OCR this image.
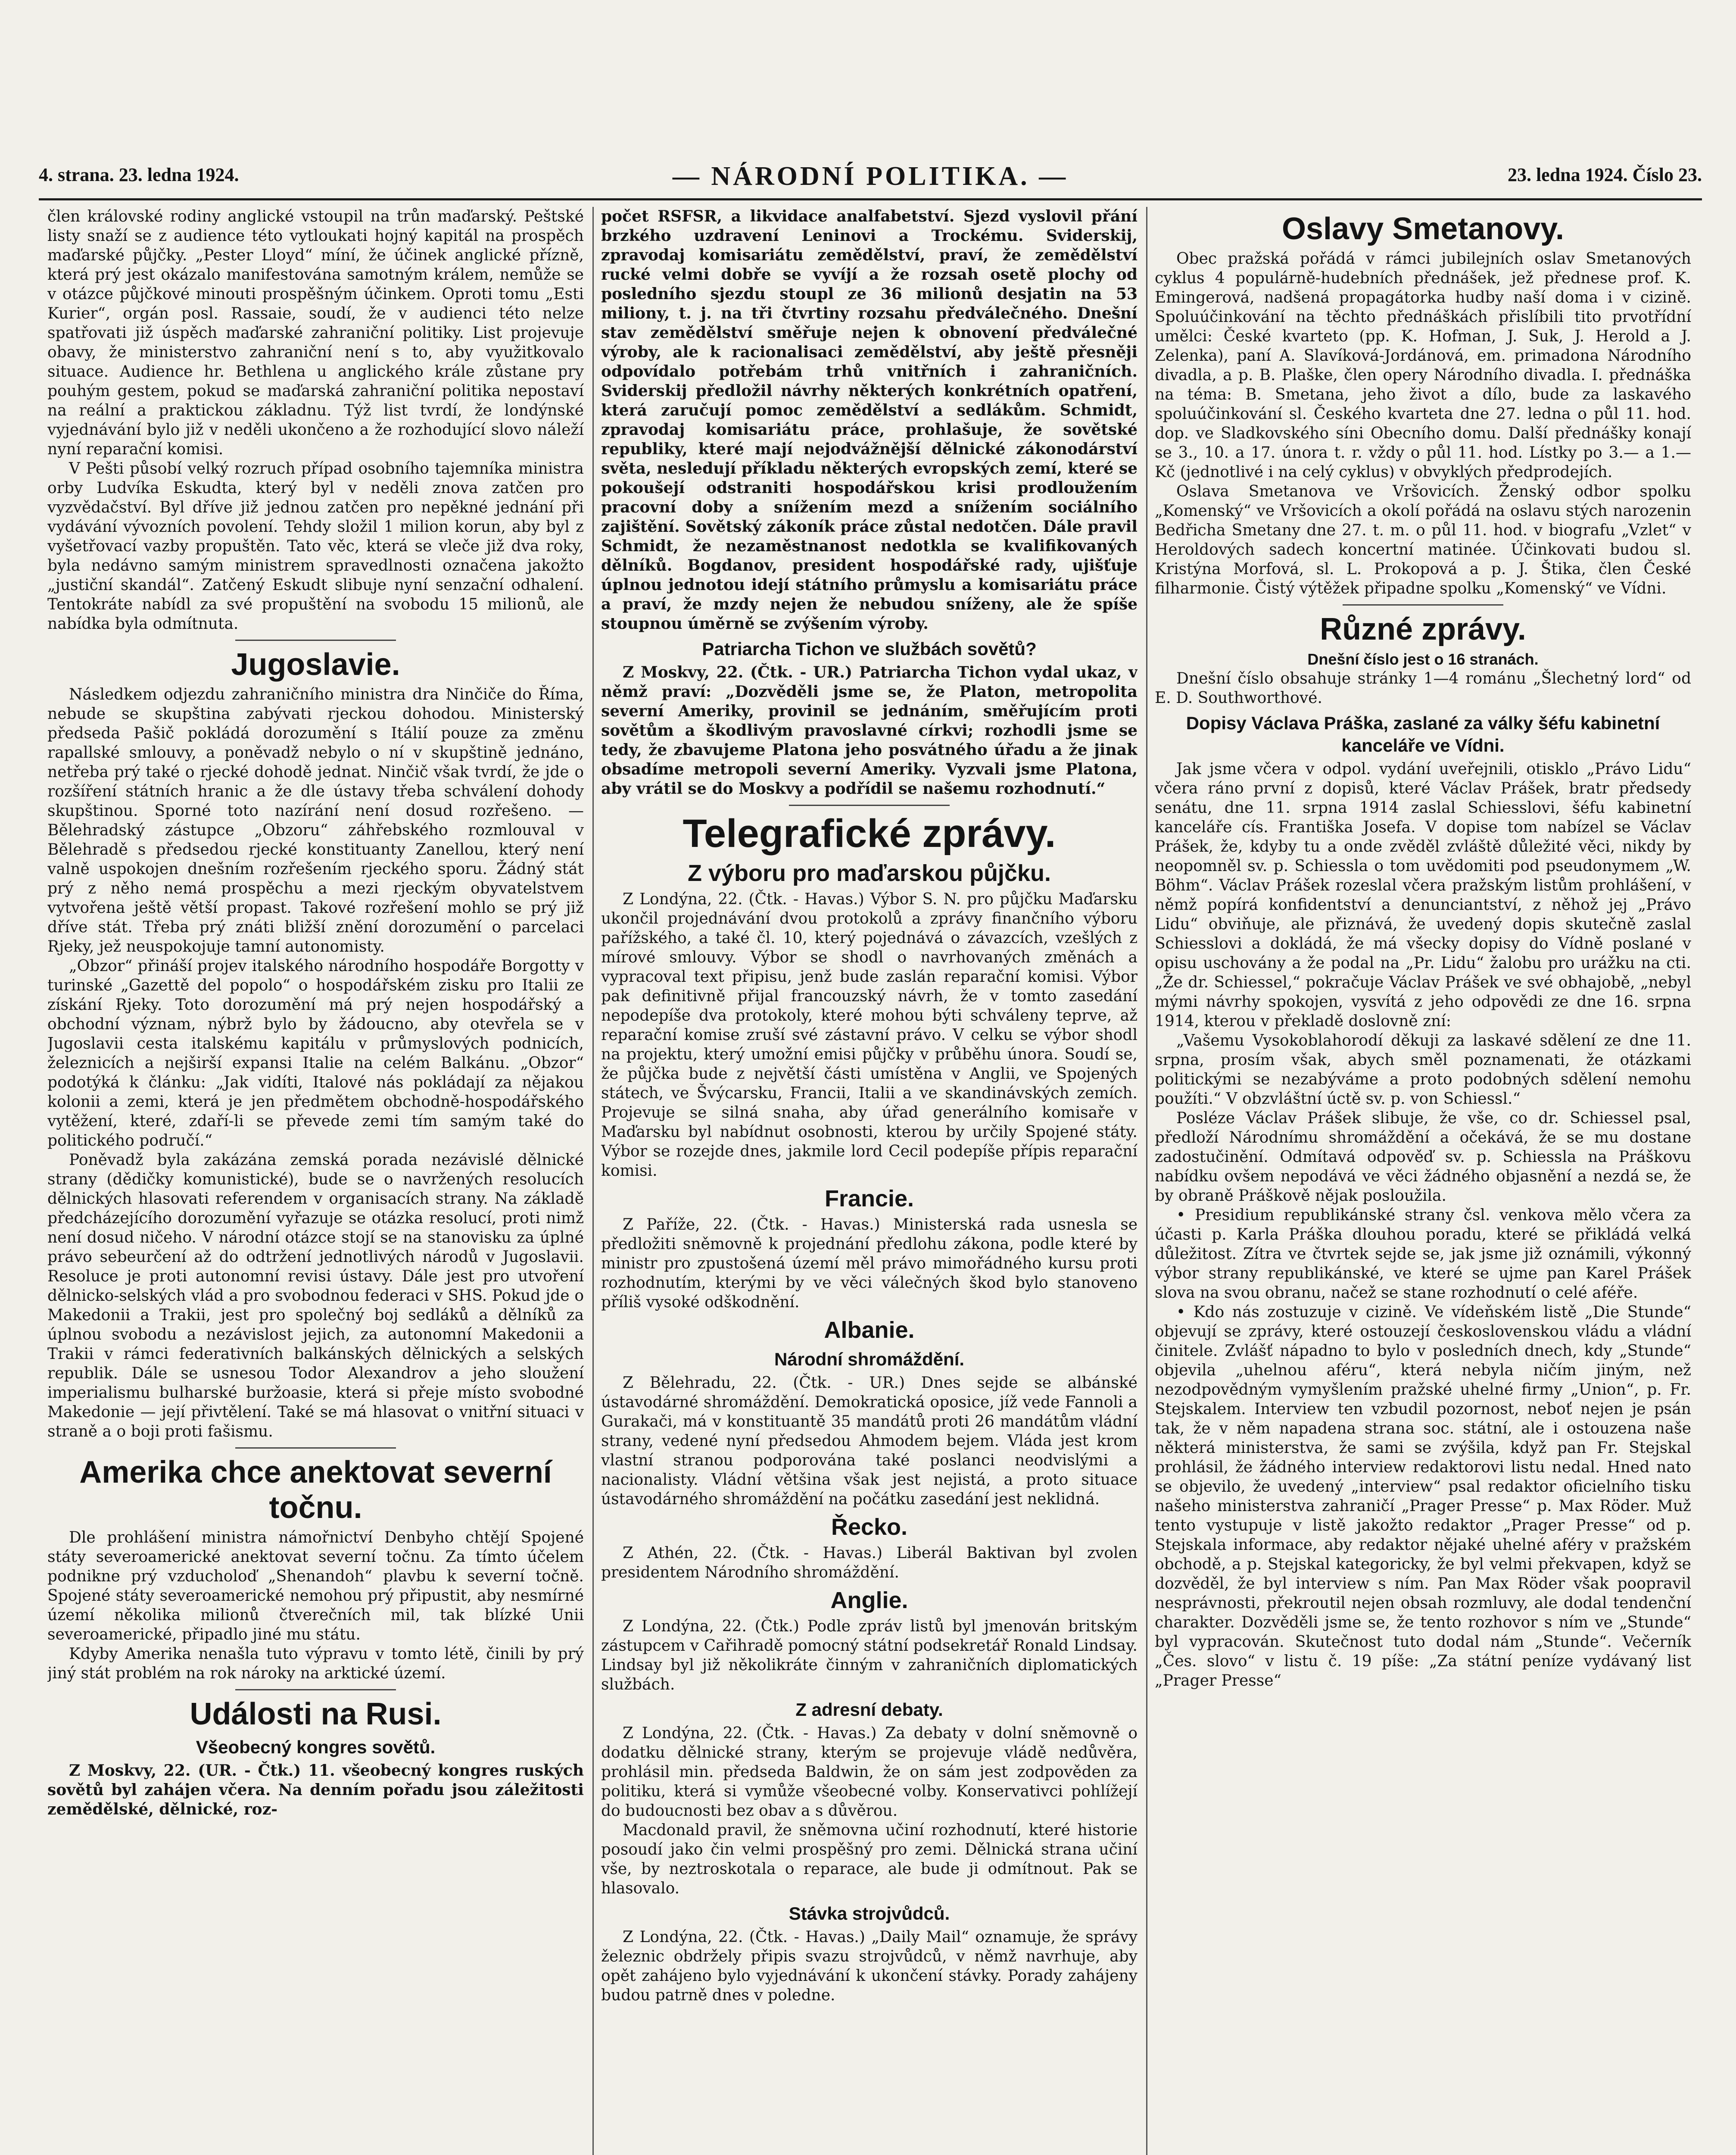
4. strana. 23. ledna 1924.	— NÁRODNÍ POLITIKA. —	23. ledna 1924. Číslo 23.

člen královské rodiny anglické vstoupil na trůn maďarský. Peštské listy snaží se z audience této vytloukati hojný kapitál na prospěch maďarské půjčky. „Pester Lloyd“ míní, že účinek anglické přízně, která prý jest okázalo manifestována samotným králem, nemůže se v otázce půjčkové minouti prospěšným účinkem. Oproti tomu „Esti Kurier“, orgán posl. Rassaie, soudí, že v audienci této nelze spatřovati již úspěch maďarské zahraniční politiky. List projevuje obavy, že ministerstvo zahraniční není s to, aby využitkovalo situace. Audience hr. Bethlena u anglického krále zůstane pry pouhým gestem, pokud se maďarská zahraniční politika nepostaví na reální a praktickou základnu. Týž list tvrdí, že londýnské vyjednávání bylo již v neděli ukončeno a že rozhodující slovo náleží nyní reparační komisi.

V Pešti působí velký rozruch případ osobního tajemníka ministra orby Ludvíka Eskudta, který byl v neděli znova zatčen pro vyzvědačství. Byl dříve již jednou zatčen pro nepěkné jednání při vydávání vývozních povolení. Tehdy složil 1 milion korun, aby byl z vyšetřovací vazby propuštěn. Tato věc, která se vleče již dva roky, byla nedávno samým ministrem spravedlnosti označena jakožto „justiční skandál“. Zatčený Eskudt slibuje nyní senzační odhalení. Tentokráte nabídl za své propuštění na svobodu 15 milionů, ale nabídka byla odmítnuta.

Jugoslavie.

Následkem odjezdu zahraničního ministra dra Ninčiče do Říma, nebude se skupština zabývati rjeckou dohodou. Ministerský předseda Pašič pokládá dorozumění s Itálií pouze za změnu rapallské smlouvy, a poněvadž nebylo o ní v skupštině jednáno, netřeba prý také o rjecké dohodě jednat. Ninčič však tvrdí, že jde o rozšíření státních hranic a že dle ústavy třeba schválení dohody skupštinou. Sporné toto nazírání není dosud rozřešeno. — Bělehradský zástupce „Obzoru“ záhřebského rozmlouval v Bělehradě s předsedou rjecké konstituanty Zanellou, který není valně uspokojen dnešním rozřešením rjeckého sporu. Žádný stát prý z něho nemá prospěchu a mezi rjeckým obyvatelstvem vytvořena ještě větší propast. Takové rozřešení mohlo se prý již dříve stát. Třeba prý znáti bližší znění dorozumění o parcelaci Rjeky, jež neuspokojuje tamní autonomisty.

„Obzor“ přináší projev italského národního hospodáře Borgotty v turinské „Gazettě del popolo“ o hospodářském zisku pro Italii ze získání Rjeky. Toto dorozumění má prý nejen hospodářský a obchodní význam, nýbrž bylo by žádoucno, aby otevřela se v Jugoslavii cesta italskému kapitálu v průmyslových podnicích, železnicích a nejširší expansi Italie na celém Balkánu. „Obzor“ podotýká k článku: „Jak vidíti, Italové nás pokládají za nějakou kolonii a zemi, která je jen předmětem obchodně-hospodářského vytěžení, které, zdaří-li se převede zemi tím samým také do politického područí.“

Poněvadž byla zakázána zemská porada nezávislé dělnické strany (dědičky komunistické), bude se o navržených resolucích dělnických hlasovati referendem v organisacích strany. Na základě předcházejícího dorozumění vyřazuje se otázka resolucí, proti nimž není dosud ničeho. V národní otázce stojí se na stanovisku za úplné právo sebeurčení až do odtržení jednotlivých národů v Jugoslavii. Resoluce je proti autonomní revisi ústavy. Dále jest pro utvoření dělnicko-selských vlád a pro svobodnou federaci v SHS. Pokud jde o Makedonii a Trakii, jest pro společný boj sedláků a dělníků za úplnou svobodu a nezávislost jejich, za autonomní Makedonii a Trakii v rámci federativních balkánských dělnických a selských republik. Dále se usnesou Todor Alexandrov a jeho sloužení imperialismu bulharské buržoasie, která si přeje místo svobodné Makedonie — její přivtělení. Také se má hlasovat o vnitřní situaci v straně a o boji proti fašismu.

Amerika chce anektovat severní točnu.

Dle prohlášení ministra námořnictví Denbyho chtějí Spojené státy severoamerické anektovat severní točnu. Za tímto účelem podnikne prý vzducholoď „Shenandoh“ plavbu k severní točně. Spojené státy severoamerické nemohou prý připustit, aby nesmírné území několika milionů čtverečních mil, tak blízké Unii severoamerické, připadlo jiné mu státu.

Kdyby Amerika nenašla tuto výpravu v tomto létě, činili by prý jiný stát problém na rok nároky na arktické území.

Události na Rusi.
Všeobecný kongres sovětů.

Z Moskvy, 22. (UR. - Čtk.) 11. všeobecný kongres ruských sovětů byl zahájen včera. Na denním pořadu jsou záležitosti zemědělské, dělnické, roz-

počet RSFSR, a likvidace analfabetství. Sjezd vyslovil přání brzkého uzdravení Leninovi a Trockému. Sviderskij, zpravodaj komisariátu zemědělství, praví, že zemědělství rucké velmi dobře se vyvíjí a že rozsah osetě plochy od posledního sjezdu stoupl ze 36 milionů desjatin na 53 miliony, t. j. na tři čtvrtiny rozsahu předválečného. Dnešní stav zemědělství směřuje nejen k obnovení předválečné výroby, ale k racionalisaci zemědělství, aby ještě přesněji odpovídalo potřebám trhů vnitřních i zahraničních. Sviderskij předložil návrhy některých konkrétních opatření, která zaručují pomoc zemědělství a sedlákům. Schmidt, zpravodaj komisariátu práce, prohlašuje, že sovětské republiky, které mají nejodvážnější dělnické zákonodárství světa, nesledují příkladu některých evropských zemí, které se pokoušejí odstraniti hospodářskou krisi prodloužením pracovní doby a snížením mezd a snížením sociálního zajištění. Sovětský zákoník práce zůstal nedotčen. Dále pravil Schmidt, že nezaměstnanost nedotkla se kvalifikovaných dělníků. Bogdanov, president hospodářské rady, ujišťuje úplnou jednotou idejí státního průmyslu a komisariátu práce a praví, že mzdy nejen že nebudou sníženy, ale že spíše stoupnou úměrně se zvýšením výroby.

Patriarcha Tichon ve službách sovětů?

Z Moskvy, 22. (Čtk. - UR.) Patriarcha Tichon vydal ukaz, v němž praví: „Dozvěděli jsme se, že Platon, metropolita severní Ameriky, provinil se jednáním, směřujícím proti sovětům a škodlivým pravoslavné církvi; rozhodli jsme se tedy, že zbavujeme Platona jeho posvátného úřadu a že jinak obsadíme metropoli severní Ameriky. Vyzvali jsme Platona, aby vrátil se do Moskvy a podřídil se našemu rozhodnutí.“

Telegrafické zprávy.
Z výboru pro maďarskou půjčku.

Z Londýna, 22. (Čtk. - Havas.) Výbor S. N. pro půjčku Maďarsku ukončil projednávání dvou protokolů a zprávy finančního výboru pařížského, a také čl. 10, který pojednává o závazcích, vzešlých z mírové smlouvy. Výbor se shodl o navrhovaných změnách a vypracoval text připisu, jenž bude zaslán reparační komisi. Výbor pak definitivně přijal francouzský návrh, že v tomto zasedání nepodepíše dva protokoly, které mohou býti schváleny teprve, až reparační komise zruší své zástavní právo. V celku se výbor shodl na projektu, který umožní emisi půjčky v průběhu února. Soudí se, že půjčka bude z největší části umístěna v Anglii, ve Spojených státech, ve Švýcarsku, Francii, Italii a ve skandinávských zemích. Projevuje se silná snaha, aby úřad generálního komisaře v Maďarsku byl nabídnut osobnosti, kterou by určily Spojené státy. Výbor se rozejde dnes, jakmile lord Cecil podepíše přípis reparační komisi.

Francie.

Z Paříže, 22. (Čtk. - Havas.) Ministerská rada usnesla se předložiti sněmovně k projednání předlohu zákona, podle které by ministr pro zpustošená území měl právo mimořádného kursu proti rozhodnutím, kterými by ve věci válečných škod bylo stanoveno příliš vysoké odškodnění.

Albanie.
Národní shromáždění.

Z Bělehradu, 22. (Čtk. - UR.) Dnes sejde se albánské ústavodárné shromáždění. Demokratická oposice, jíž vede Fannoli a Gurakači, má v konstituantě 35 mandátů proti 26 mandátům vládní strany, vedené nyní předsedou Ahmodem bejem. Vláda jest krom vlastní stranou podporována také poslanci neodvislými a nacionalisty. Vládní většina však jest nejistá, a proto situace ústavodárného shromáždění na počátku zasedání jest neklidná.

Řecko.

Z Athén, 22. (Čtk. - Havas.) Liberál Baktivan byl zvolen presidentem Národního shromáždění.

Anglie.

Z Londýna, 22. (Čtk.) Podle zpráv listů byl jmenován britským zástupcem v Cařihradě pomocný státní podsekretář Ronald Lindsay. Lindsay byl již několikráte činným v zahraničních diplomatických službách.

Z adresní debaty.

Z Londýna, 22. (Čtk. - Havas.) Za debaty v dolní sněmovně o dodatku dělnické strany, kterým se projevuje vládě nedůvěra, prohlásil min. předseda Baldwin, že on sám jest zodpověden za politiku, která si vymůže všeobecné volby. Konservativci pohlížejí do budoucnosti bez obav a s důvěrou.

Macdonald pravil, že sněmovna učiní rozhodnutí, které historie posoudí jako čin velmi prospěšný pro zemi. Dělnická strana učiní vše, by neztroskotala o reparace, ale bude ji odmítnout. Pak se hlasovalo.

Stávka strojvůdců.

Z Londýna, 22. (Čtk. - Havas.) „Daily Mail“ oznamuje, že správy železnic obdržely připis svazu strojvůdců, v němž navrhuje, aby opět zahájeno bylo vyjednávání k ukončení stávky. Porady zahájeny budou patrně dnes v poledne.

Oslavy Smetanovy.

Obec pražská pořádá v rámci jubilejních oslav Smetanových cyklus 4 populárně-hudebních přednášek, jež přednese prof. K. Emingerová, nadšená propagátorka hudby naší doma i v cizině. Spoluúčinkování na těchto přednáškách přislíbili tito prvotřídní umělci: České kvarteto (pp. K. Hofman, J. Suk, J. Herold a J. Zelenka), paní A. Slavíková-Jordánová, em. primadona Národního divadla, a p. B. Plaške, člen opery Národního divadla. I. přednáška na téma: B. Smetana, jeho život a dílo, bude za laskavého spoluúčinkování sl. Českého kvarteta dne 27. ledna o půl 11. hod. dop. ve Sladkovského síni Obecního domu. Další přednášky konají se 3., 10. a 17. února t. r. vždy o půl 11. hod. Lístky po 3.— a 1.— Kč (jednotlivé i na celý cyklus) v obvyklých předprodejích.

Oslava Smetanova ve Vršovicích. Ženský odbor spolku „Komenský“ ve Vršovicích a okolí pořádá na oslavu stých narozenin Bedřicha Smetany dne 27. t. m. o půl 11. hod. v biografu „Vzlet“ v Heroldových sadech koncertní matinée. Účinkovati budou sl. Kristýna Morfová, sl. L. Prokopová a p. J. Štika, člen České filharmonie. Čistý výtěžek připadne spolku „Komenský“ ve Vídni.

Různé zprávy.
Dnešní číslo jest o 16 stranách.

Dnešní číslo obsahuje stránky 1—4 románu „Šlechetný lord“ od E. D. Southworthové.

Dopisy Václava Práška, zaslané za války šéfu kabinetní kanceláře ve Vídni.

Jak jsme včera v odpol. vydání uveřejnili, otisklo „Právo Lidu“ včera ráno první z dopisů, které Václav Prášek, bratr předsedy senátu, dne 11. srpna 1914 zaslal Schiesslovi, šéfu kabinetní kanceláře cís. Františka Josefa. V dopise tom nabízel se Václav Prášek, že, kdyby tu a onde zvěděl zvláště důležité věci, nikdy by neopomněl sv. p. Schiessla o tom uvědomiti pod pseudonymem „W. Böhm“. Václav Prášek rozeslal včera pražským listům prohlášení, v němž popírá konfidentství a denunciantství, z něhož jej „Právo Lidu“ obviňuje, ale přiznává, že uvedený dopis skutečně zaslal Schiesslovi a dokládá, že má všecky dopisy do Vídně poslané v opisu uschovány a že podal na „Pr. Lidu“ žalobu pro urážku na cti. „Že dr. Schiessel,“ pokračuje Václav Prášek ve své obhajobě, „nebyl mými návrhy spokojen, vysvítá z jeho odpovědi ze dne 16. srpna 1914, kterou v překladě doslovně zní:

„Vašemu Vysokoblahorodí děkuji za laskavé sdělení ze dne 11. srpna, prosím však, abych směl poznamenati, že otázkami politickými se nezabýváme a proto podobných sdělení nemohu použíti.“ V obzvláštní úctě sv. p. von Schiessl.“

Posléze Václav Prášek slibuje, že vše, co dr. Schiessel psal, předloží Národnímu shromáždění a očekává, že se mu dostane zadostučinění. Odmítavá odpověď sv. p. Schiessla na Práškovu nabídku ovšem nepodává ve věci žádného objasnění a nezdá se, že by obraně Práškově nějak posloužila.

• Presidium republikánské strany čsl. venkova mělo včera za účasti p. Karla Práška dlouhou poradu, které se přikládá velká důležitost. Zítra ve čtvrtek sejde se, jak jsme již oznámili, výkonný výbor strany republikánské, ve které se ujme pan Karel Prášek slova na svou obranu, načež se stane rozhodnutí o celé aféře.

• Kdo nás zostuzuje v cizině. Ve vídeňském listě „Die Stunde“ objevují se zprávy, které ostouzejí československou vládu a vládní činitele. Zvlášť nápadno to bylo v posledních dnech, kdy „Stunde“ objevila „uhelnou aféru“, která nebyla ničím jiným, než nezodpovědným vymyšlením pražské uhelné firmy „Union“, p. Fr. Stejskalem. Interview ten vzbudil pozornost, neboť nejen je psán tak, že v něm napadena strana soc. státní, ale i ostouzena naše některá ministerstva, že sami se zvýšila, když pan Fr. Stejskal prohlásil, že žádného interview redaktorovi listu nedal. Hned nato se objevilo, že uvedený „interview“ psal redaktor oficielního tisku našeho ministerstva zahraničí „Prager Presse“ p. Max Röder. Muž tento vystupuje v listě jakožto redaktor „Prager Presse“ od p. Stejskala informace, aby redaktor nějaké uhelné aféry v pražském obchodě, a p. Stejskal kategoricky, že byl velmi překvapen, když se dozvěděl, že byl interview s ním. Pan Max Röder však poopravil nesprávnosti, překroutil nejen obsah rozmluvy, ale dodal tendenční charakter. Dozvěděli jsme se, že tento rozhovor s ním ve „Stunde“ byl vypracován. Skutečnost tuto dodal nám „Stunde“. Večerník „Čes. slovo“ v listu č. 19 píše: „Za státní peníze vydávaný list „Prager Presse“
